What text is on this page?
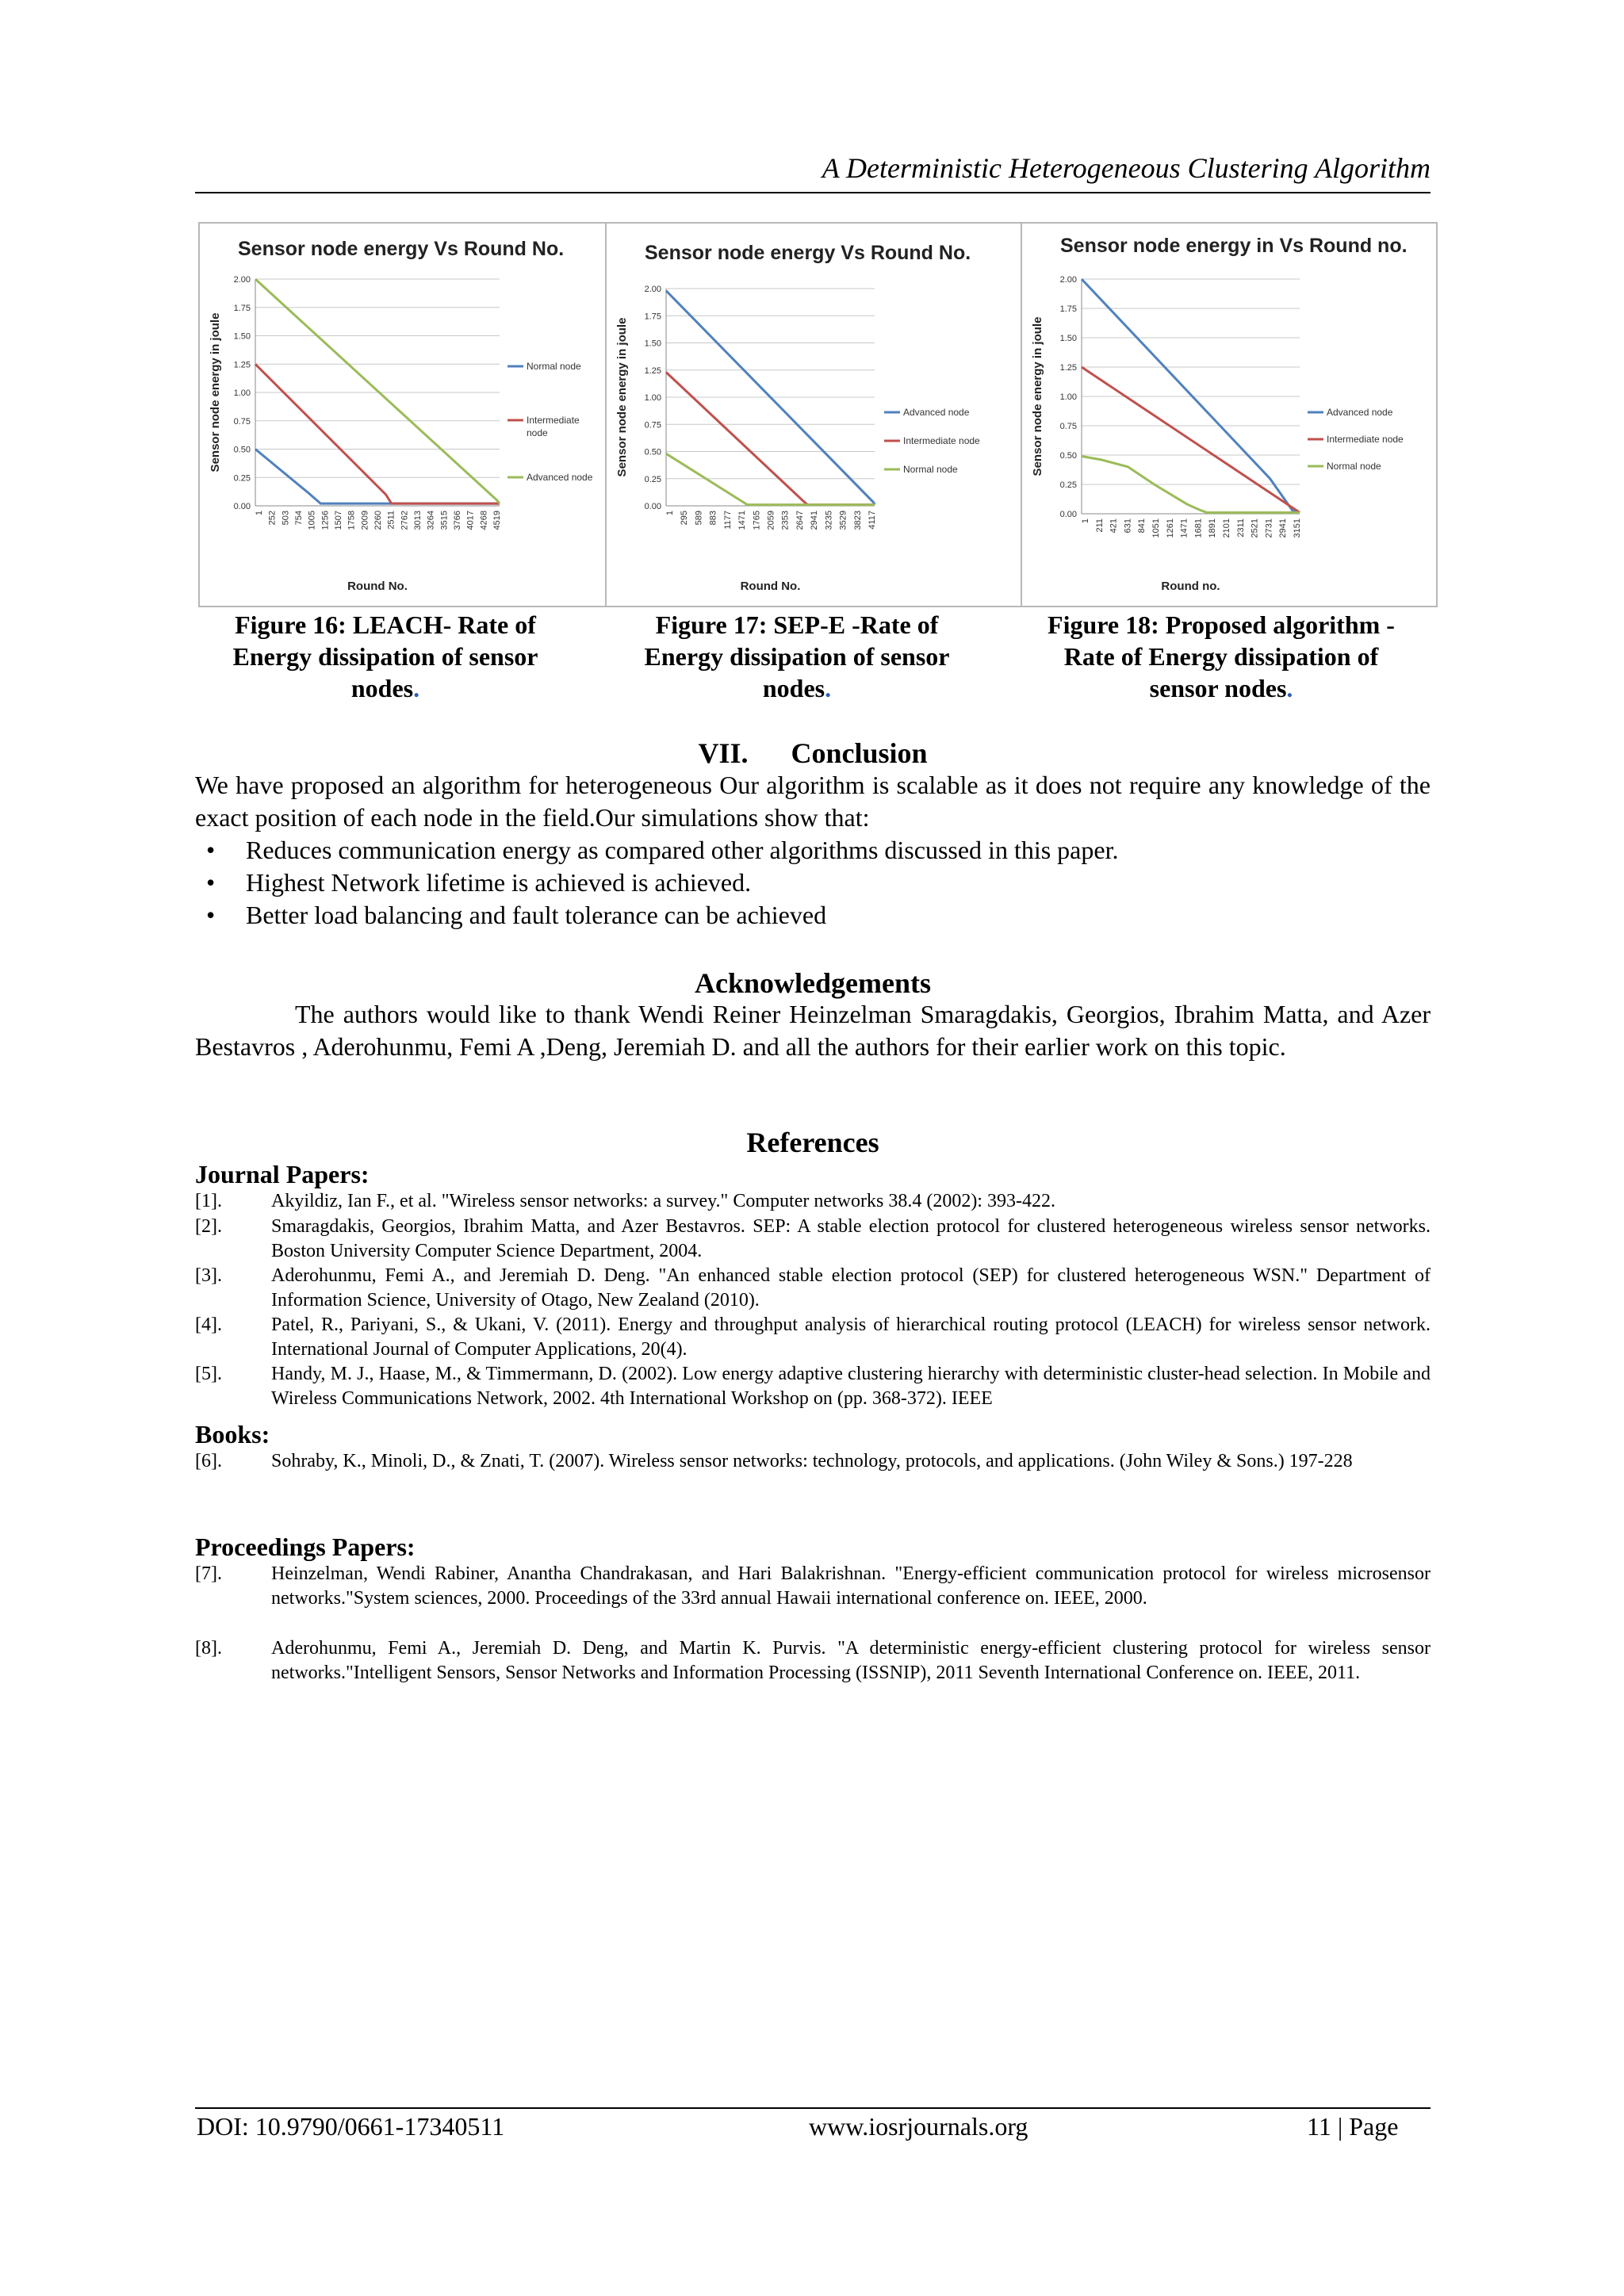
A Deterministic Heterogeneous Clustering Algorithm
Sensor node energy Vs Round No.
0.00
0.25
0.50
0.75
1.00
1.25
1.50
1.75
2.00
1 252 503 754 1005 1256 1507 1758 2009 2260 2511 2762 3013 3264 3515 3766 4017 4268 4519
Round No.
Sensor node energy in joule	Normal node
Intermediate
node
Advanced node
Sensor node energy Vs Round No.
0.00
0.25
0.50
0.75
1.00
1.25
1.50
1.75
2.00
1 295 589 883 1177 1471 1765 2059 2353 2647 2941 3235 3529 3823 4117
Round No.
Sensor node energy in joule	Advanced node
Intermediate node
Normal node
Sensor node energy in Vs Round no.
0.00
0.25
0.50
0.75
1.00
1.25
1.50
1.75
2.00
1 211 421 631 841 1051 1261 1471 1681 1891 2101 2311 2521 2731 2941 3151
Round no.
Sensor node energy in joule	Advanced node
Intermediate node
Normal node
Figure 16: LEACH- Rate of Energy dissipation of sensor nodes.
Figure 17: SEP-E -Rate of Energy dissipation of sensor nodes.
Figure 18: Proposed algorithm - Rate of Energy dissipation of sensor nodes.
VII.      Conclusion

We have proposed an algorithm for heterogeneous Our algorithm is scalable as it does not require any knowledge of the exact position of each node in the field.Our simulations show that:

• Reduces communication energy as compared other algorithms discussed in this paper.
• Highest Network lifetime is achieved is achieved.
• Better load balancing and fault tolerance can be achieved
Acknowledgements

The authors would like to thank Wendi Reiner Heinzelman Smaragdakis, Georgios, Ibrahim Matta, and Azer Bestavros , Aderohunmu, Femi A ,Deng, Jeremiah D. and all the authors for their earlier work on this topic.

References
Journal Papers:
[1].	Akyildiz, Ian F., et al. "Wireless sensor networks: a survey." Computer networks 38.4 (2002): 393-422.
[2].	Smaragdakis, Georgios, Ibrahim Matta, and Azer Bestavros. SEP: A stable election protocol for clustered heterogeneous wireless sensor networks. Boston University Computer Science Department, 2004.
[3].	Aderohunmu, Femi A., and Jeremiah D. Deng. "An enhanced stable election protocol (SEP) for clustered heterogeneous WSN." Department of Information Science, University of Otago, New Zealand (2010).
[4].	Patel, R., Pariyani, S., & Ukani, V. (2011). Energy and throughput analysis of hierarchical routing protocol (LEACH) for wireless sensor network. International Journal of Computer Applications, 20(4).
[5].	Handy, M. J., Haase, M., & Timmermann, D. (2002). Low energy adaptive clustering hierarchy with deterministic cluster-head selection. In Mobile and Wireless Communications Network, 2002. 4th International Workshop on (pp. 368-372). IEEE
Books:
[6].	Sohraby, K., Minoli, D., & Znati, T. (2007). Wireless sensor networks: technology, protocols, and applications. (John Wiley & Sons.) 197-228
Proceedings Papers:
[7].	Heinzelman, Wendi Rabiner, Anantha Chandrakasan, and Hari Balakrishnan. "Energy-efficient communication protocol for wireless microsensor networks."System sciences, 2000. Proceedings of the 33rd annual Hawaii international conference on. IEEE, 2000.
[8].	Aderohunmu, Femi A., Jeremiah D. Deng, and Martin K. Purvis. "A deterministic energy-efficient clustering protocol for wireless sensor networks."Intelligent Sensors, Sensor Networks and Information Processing (ISSNIP), 2011 Seventh International Conference on. IEEE, 2011.
DOI: 10.9790/0661-17340511	www.iosrjournals.org	11 | Page
